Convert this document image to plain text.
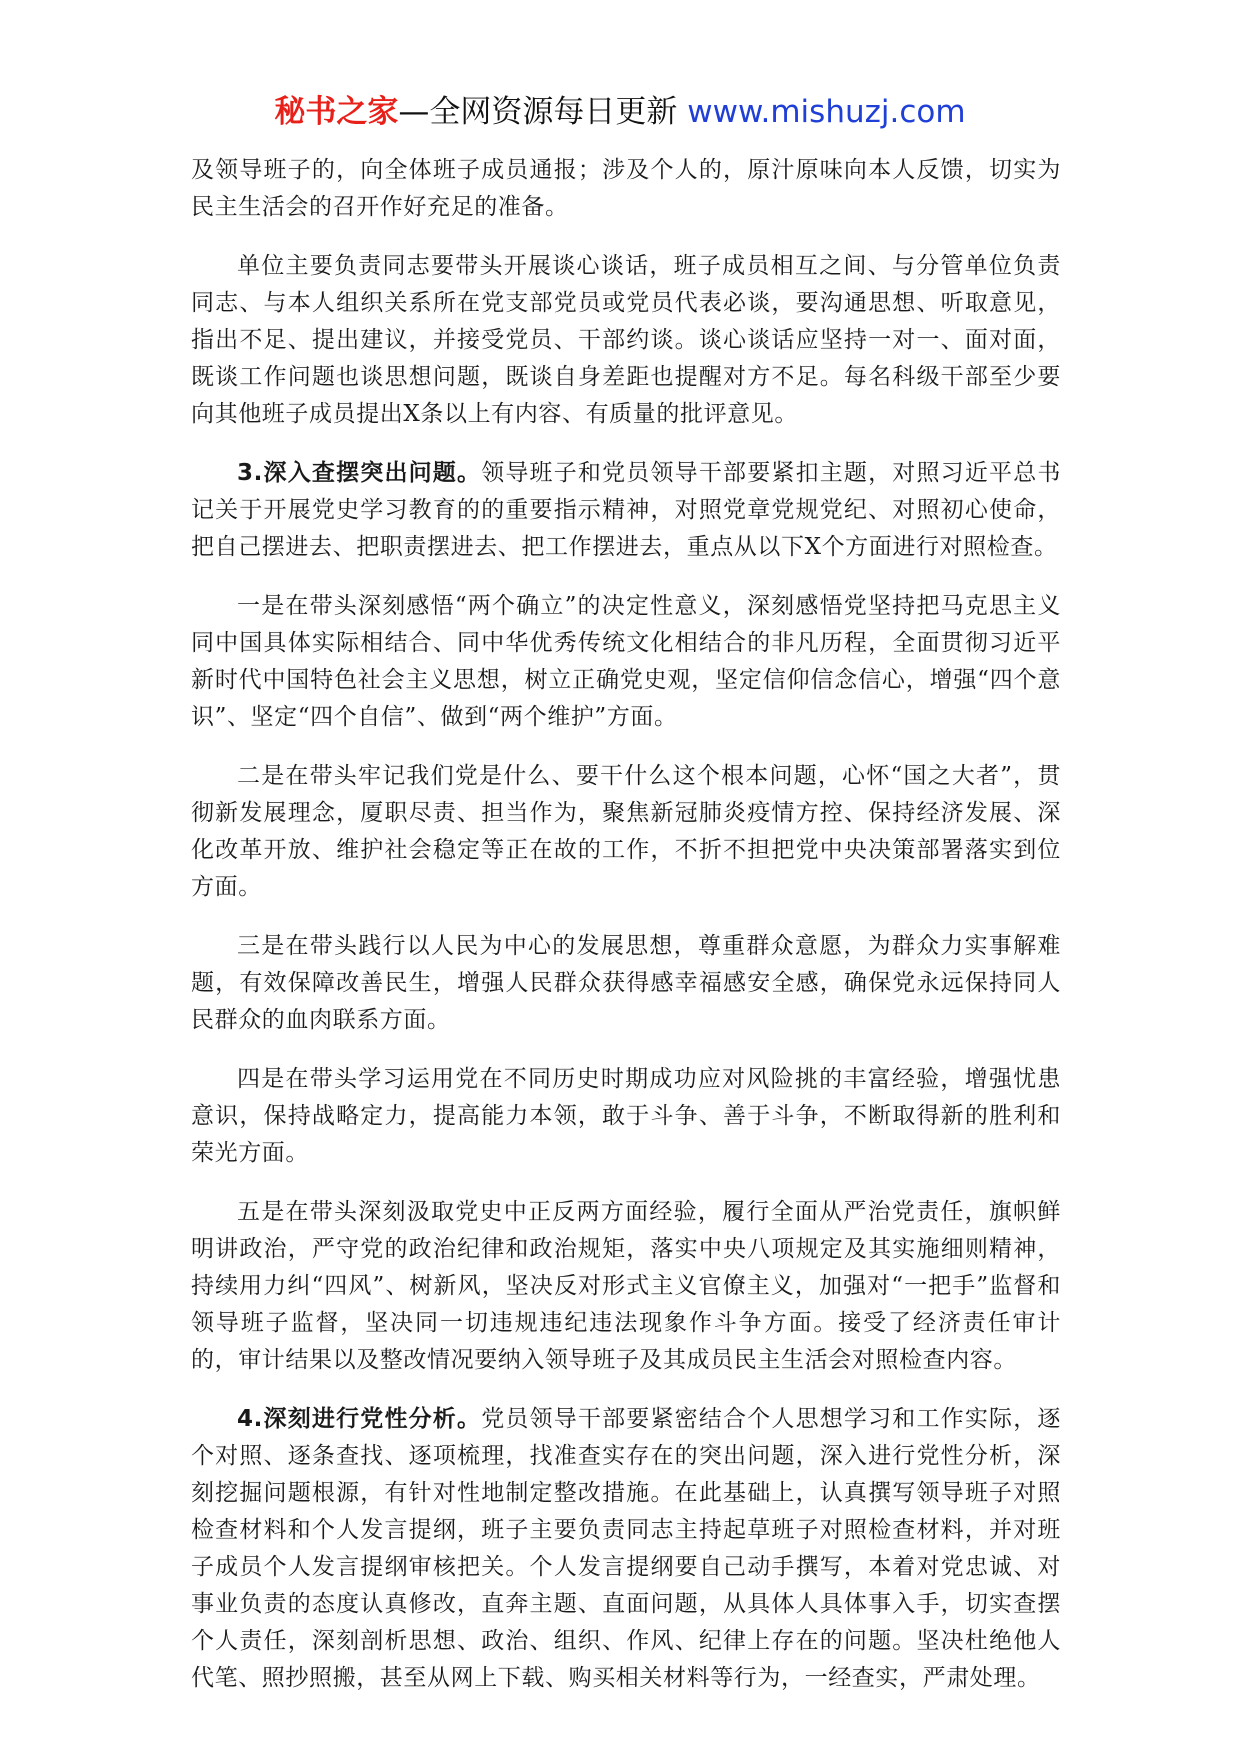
秘书之家—全网资源每日更新 www.mishuzj.com

及领导班子的，向全体班子成员通报；涉及个人的，原汁原味向本人反馈，切实为民主生活会的召开作好充足的准备。

单位主要负责同志要带头开展谈心谈话，班子成员相互之间、与分管单位负责同志、与本人组织关系所在党支部党员或党员代表必谈，要沟通思想、听取意见，指出不足、提出建议，并接受党员、干部约谈。谈心谈话应坚持一对一、面对面，既谈工作问题也谈思想问题，既谈自身差距也提醒对方不足。每名科级干部至少要向其他班子成员提出X条以上有内容、有质量的批评意见。

3.深入查摆突出问题。领导班子和党员领导干部要紧扣主题，对照习近平总书记关于开展党史学习教育的的重要指示精神，对照党章党规党纪、对照初心使命，把自己摆进去、把职责摆进去、把工作摆进去，重点从以下X个方面进行对照检查。

一是在带头深刻感悟“两个确立”的决定性意义，深刻感悟党坚持把马克思主义同中国具体实际相结合、同中华优秀传统文化相结合的非凡历程，全面贯彻习近平新时代中国特色社会主义思想，树立正确党史观，坚定信仰信念信心，增强“四个意识”、坚定“四个自信”、做到“两个维护”方面。

二是在带头牢记我们党是什么、要干什么这个根本问题，心怀“国之大者”，贯彻新发展理念，厦职尽责、担当作为，聚焦新冠肺炎疫情方控、保持经济发展、深化改革开放、维护社会稳定等正在故的工作，不折不担把党中央决策部署落实到位方面。

三是在带头践行以人民为中心的发展思想，尊重群众意愿，为群众力实事解难题，有效保障改善民生，增强人民群众获得感幸福感安全感，确保党永远保持同人民群众的血肉联系方面。

四是在带头学习运用党在不同历史时期成功应对风险挑的丰富经验，增强忧患意识，保持战略定力，提高能力本领，敢于斗争、善于斗争，不断取得新的胜利和荣光方面。

五是在带头深刻汲取党史中正反两方面经验，履行全面从严治党责任，旗帜鲜明讲政治，严守党的政治纪律和政治规矩，落实中央八项规定及其实施细则精神，持续用力纠“四风”、树新风，坚决反对形式主义官僚主义，加强对“一把手”监督和领导班子监督，坚决同一切违规违纪违法现象作斗争方面。接受了经济责任审计的，审计结果以及整改情况要纳入领导班子及其成员民主生活会对照检查内容。

4.深刻进行党性分析。党员领导干部要紧密结合个人思想学习和工作实际，逐个对照、逐条查找、逐项梳理，找准查实存在的突出问题，深入进行党性分析，深刻挖掘问题根源，有针对性地制定整改措施。在此基础上，认真撰写领导班子对照检查材料和个人发言提纲，班子主要负责同志主持起草班子对照检查材料，并对班子成员个人发言提纲审核把关。个人发言提纲要自己动手撰写，本着对党忠诚、对事业负责的态度认真修改，直奔主题、直面问题，从具体人具体事入手，切实查摆个人责任，深刻剖析思想、政治、组织、作风、纪律上存在的问题。坚决杜绝他人代笔、照抄照搬，甚至从网上下载、购买相关材料等行为，一经查实，严肃处理。
